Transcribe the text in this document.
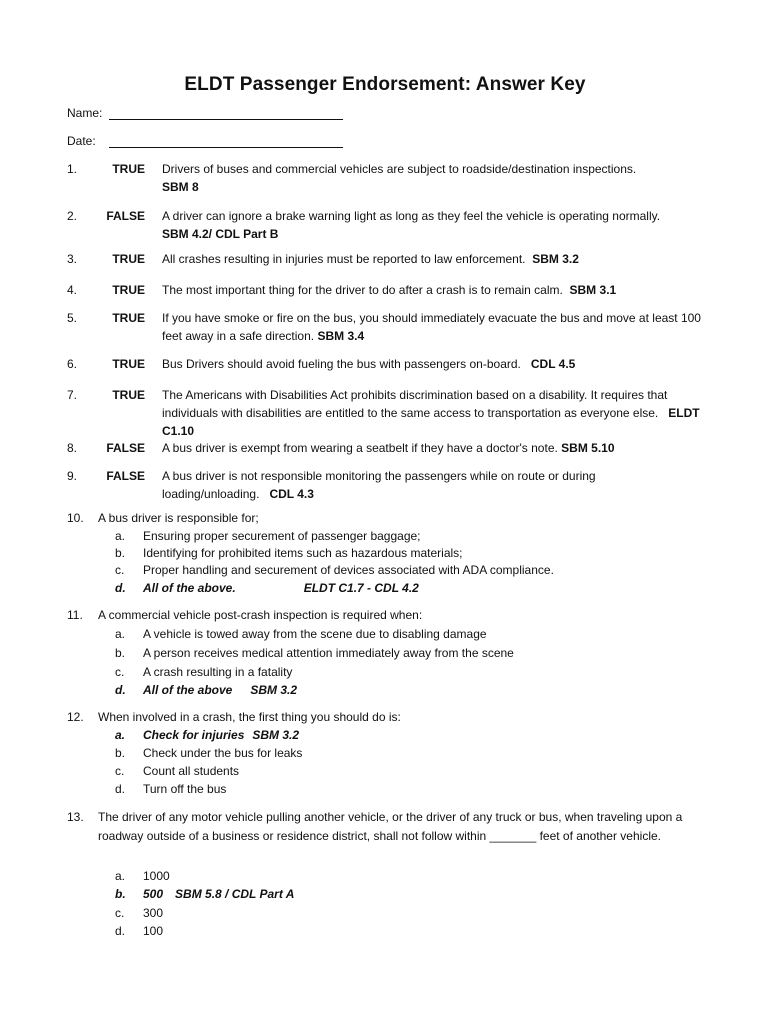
ELDT Passenger Endorsement: Answer Key
Name:
Date:
1.	TRUE Drivers of buses and commercial vehicles are subject to roadside/destination inspections.
SBM 8
2.	FALSE A driver can ignore a brake warning light as long as they feel the vehicle is operating normally.
SBM 4.2/ CDL Part B
3.	TRUE All crashes resulting in injuries must be reported to law enforcement. SBM 3.2
4.	TRUE The most important thing for the driver to do after a crash is to remain calm. SBM 3.1
5.	TRUE If you have smoke or fire on the bus, you should immediately evacuate the bus and move at least 100 feet away in a safe direction. SBM 3.4
6.	TRUE Bus Drivers should avoid fueling the bus with passengers on-board. CDL 4.5
7.	TRUE The Americans with Disabilities Act prohibits discrimination based on a disability. It requires that individuals with disabilities are entitled to the same access to transportation as everyone else. ELDT C1.10
8.	FALSE A bus driver is exempt from wearing a seatbelt if they have a doctor's note. SBM 5.10
9.	FALSE A bus driver is not responsible monitoring the passengers while on route or during loading/unloading. CDL 4.3
10. A bus driver is responsible for;
a. Ensuring proper securement of passenger baggage;
b. Identifying for prohibited items such as hazardous materials;
c. Proper handling and securement of devices associated with ADA compliance.
d. All of the above.	ELDT C1.7 - CDL 4.2
11. A commercial vehicle post-crash inspection is required when:
a. A vehicle is towed away from the scene due to disabling damage
b. A person receives medical attention immediately away from the scene
c. A crash resulting in a fatality
d. All of the above SBM 3.2
12. When involved in a crash, the first thing you should do is:
a. Check for injuries SBM 3.2
b. Check under the bus for leaks
c. Count all students
d. Turn off the bus
13. The driver of any motor vehicle pulling another vehicle, or the driver of any truck or bus, when traveling upon a roadway outside of a business or residence district, shall not follow within _______ feet of another vehicle.
a. 1000
b. 500 SBM 5.8 / CDL Part A
c. 300
d. 100
